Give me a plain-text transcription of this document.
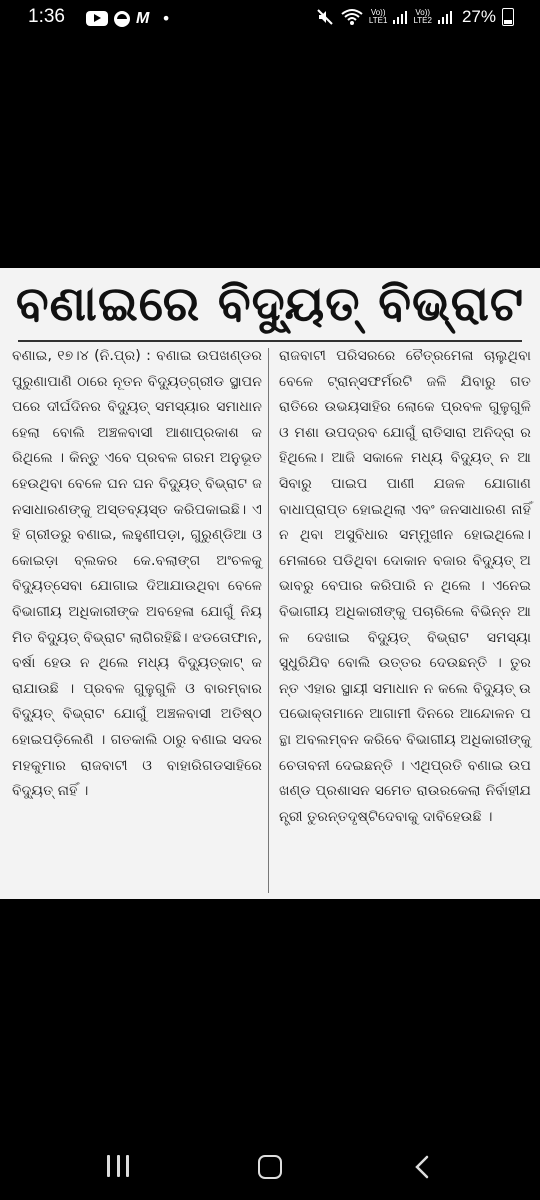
1:36	M •	Vo))
LTE1
Vo))
LTE2 27%
ବଣାଇରେ ବିଦ୍ୟୁତ୍ ବିଭ୍ରାଟ
ବଣାଇ, ୧୭।୪ (ନି.ପ୍ର) : ବଣାଇ ଉପଖଣ୍ଡର ପୁରୁଣାପାଣି ଠାରେ ନୂତନ ବିଦ୍ୟୁତ୍‌ଗ୍ରୀଡ ସ୍ଥାପନ ପରେ ଦୀର୍ଘଦିନର ବିଦ୍ୟୁତ୍ ସମସ୍ୟାର ସମାଧାନ ହେଲା ବୋଲି ଅଞ୍ଚଳବାସୀ ଆଶାପ୍ରକାଶ କରିଥିଲେ । କିନ୍ତୁ ଏବେ ପ୍ରବଳ ଗରମ ଅନୁଭୂତ ହେଉଥିବା ବେଳେ ଘନ ଘନ ବିଦ୍ୟୁତ୍ ବିଭ୍ରାଟ ଜନସାଧାରଣଙ୍କୁ ଅସ୍ତବ୍ୟସ୍ତ କରିପକାଇଛି। ଏହି ଗ୍ରୀଡରୁ ବଣାଇ, ଲହୁଣୀପଡ଼ା, ଗୁରୁଣ୍ଡିଆ ଓ କୋଇଡ଼ା ବ୍ଲକର କେ.ବଲାଙ୍ଗ ଅଂଚଳକୁ ବିଦ୍ୟୁତ୍‌ସେବା ଯୋଗାଇ ଦିଆଯାଉଥିବା ବେଳେ ବିଭାଗୀୟ ଅଧିକାରୀଙ୍କ ଅବହେଳା ଯୋଗୁଁ ନିୟମିତ ବିଦ୍ୟୁତ୍ ବିଭ୍ରାଟ ଲାଗିରହିଛି। ଝଡତୋଫାନ, ବର୍ଷା ହେଉ ନ ଥିଲେ ମଧ୍ୟ ବିଦ୍ୟୁତ୍‌କାଟ୍ କରାଯାଉଛି । ପ୍ରବଳ ଗୁଳୁଗୁଳି ଓ ବାରମ୍ବାର ବିଦ୍ୟୁତ୍ ବିଭ୍ରାଟ ଯୋଗୁଁ ଅଞ୍ଚଳବାସୀ ଅତିଷ୍ଠ ହୋଇପଡ଼ିଲେଣି । ଗତକାଲି ଠାରୁ ବଣାଇ ସଦର ମହକୁମାର ରାଜବାଟୀ ଓ ବାହାରିଗଡସାହିରେ ବିଦ୍ୟୁତ୍ ନାହିଁ ।
ରାଜବାଟୀ ପରିସରରେ ଚୈତ୍ରମେଳା ଚାଲୁଥିବା ବେଳେ ଟ୍ରାନ୍ସଫର୍ମରଟି ଜଳି ଯିବାରୁ ଗତରାତିରେ ଉଭୟସାହିର ଲୋକେ ପ୍ରବଳ ଗୁଳୁଗୁଳି ଓ ମଶା ଉପଦ୍ରବ ଯୋଗୁଁ ରାତିସାରା ଅନିଦ୍ରା ରହିଥିଲେ। ଆଜି ସକାଳେ ମଧ୍ୟ ବିଦ୍ୟୁତ୍ ନ ଆସିବାରୁ ପାଇପ ପାଣୀ ଯଜଳ ଯୋଗାଣ ବାଧାପ୍ରାପ୍ତ ହୋଇଥିଲା ଏବଂ ଜନସାଧାରଣ ନାହିଁ ନ ଥିବା ଅସୁବିଧାର ସମ୍ମୁଖୀନ ହୋଇଥିଲେ। ମେଳାରେ ପଡିଥିବା ଦୋକାନ ବଜାର ବିଦ୍ୟୁତ୍ ଅଭାବରୁ ବେପାର କରିପାରି ନ ଥିଲେ । ଏନେଇ ବିଭାଗୀୟ ଅଧିକାରୀଙ୍କୁ ପଚାରିଲେ ବିଭିନ୍ନ ଆଳ ଦେଖାଇ ବିଦ୍ୟୁତ୍ ବିଭ୍ରାଟ ସମସ୍ୟା ସୁଧୁରିଯିବ ବୋଲି ଉତ୍ତର ଦେଉଛନ୍ତି । ତୁରନ୍ତ ଏହାର ସ୍ଥାୟୀ ସମାଧାନ ନ କଲେ ବିଦ୍ୟୁତ୍ ଉପଭୋକ୍ତାମାନେ ଆଗାମୀ ଦିନରେ ଆନ୍ଦୋଳନ ପନ୍ଥା ଅବଲମ୍ବନ କରିବେ ବିଭାଗୀୟ ଅଧିକାରୀଙ୍କୁ ଚେତାବନୀ ଦେଇଛନ୍ତି । ଏଥିପ୍ରତି ବଣାଇ ଉପଖଣ୍ଡ ପ୍ରଶାସନ ସମେତ ରାଉରକେଲା ନିର୍ବାହୀଯନ୍ତ୍ରୀ ତୁରନ୍ତଦୃଷ୍ଟିଦେବାକୁ ଦାବିହେଉଛି ।
